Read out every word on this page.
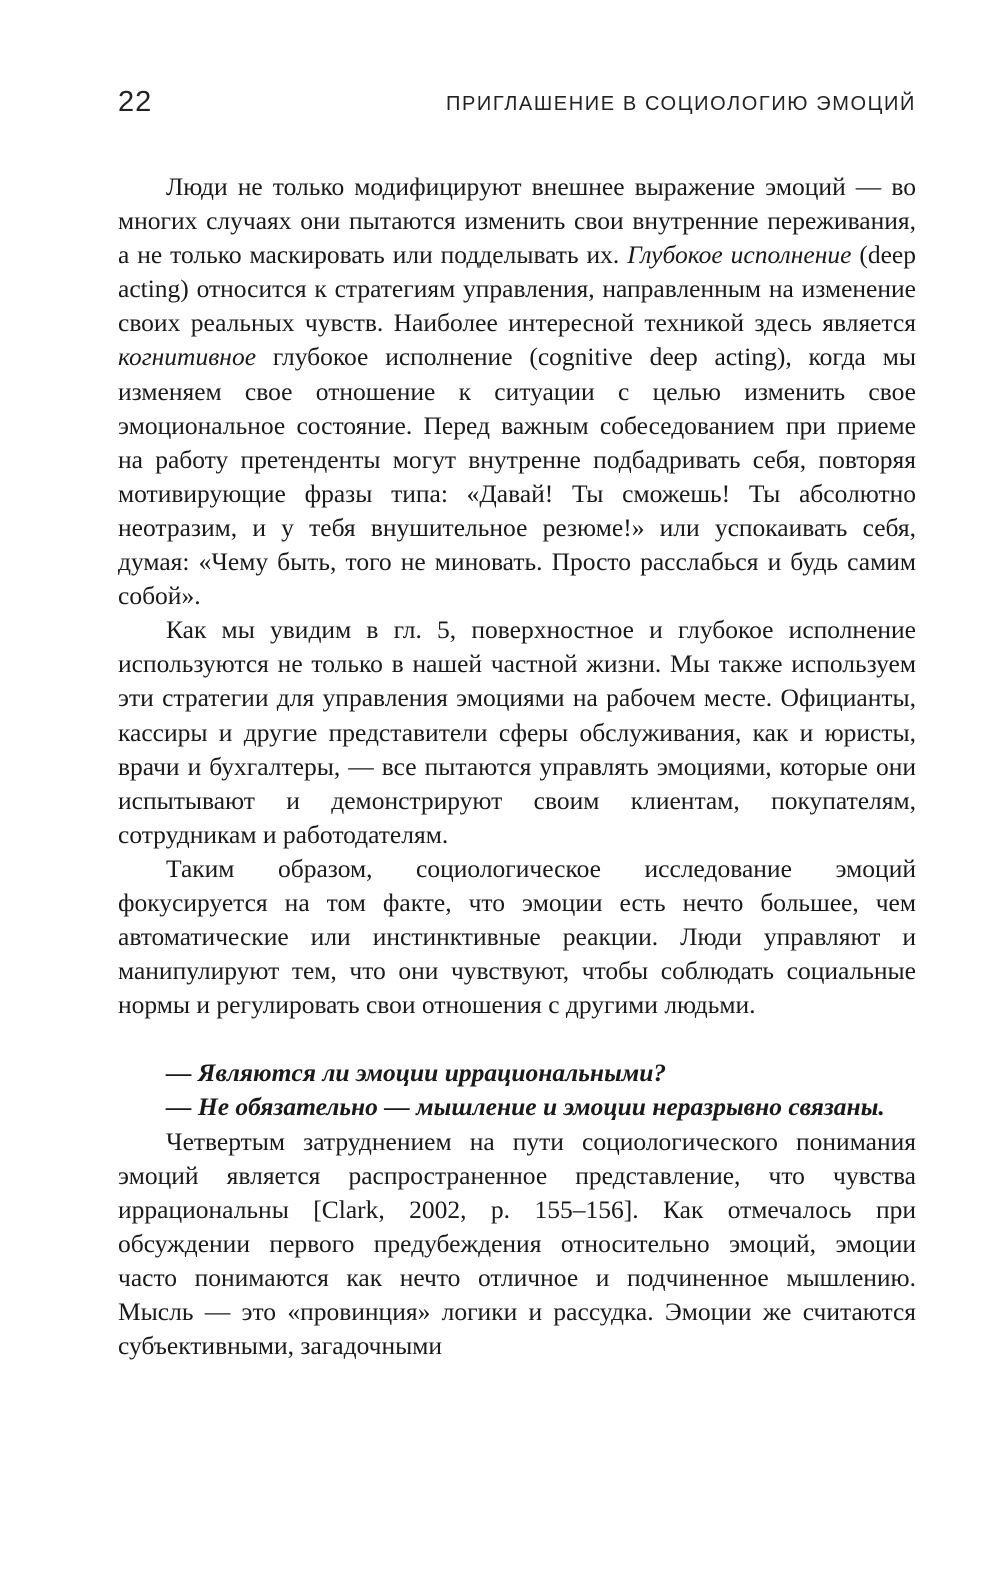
22	ПРИГЛАШЕНИЕ В СОЦИОЛОГИЮ ЭМОЦИЙ

Люди не только модифицируют внешнее выражение эмоций — во многих случаях они пытаются изменить свои внутренние переживания, а не только маскировать или подделывать их. Глубокое исполнение (deep acting) относится к стратегиям управления, направленным на изменение своих реальных чувств. Наиболее интересной техникой здесь является когнитивное глубокое исполнение (cognitive deep acting), когда мы изменяем свое отношение к ситуации с целью изменить свое эмоциональное состояние. Перед важным собеседованием при приеме на работу претенденты могут внутренне подбадривать себя, повторяя мотивирующие фразы типа: «Давай! Ты сможешь! Ты абсолютно неотразим, и у тебя внушительное резюме!» или успокаивать себя, думая: «Чему быть, того не миновать. Просто расслабься и будь самим собой».

Как мы увидим в гл. 5, поверхностное и глубокое исполнение используются не только в нашей частной жизни. Мы также используем эти стратегии для управления эмоциями на рабочем месте. Официанты, кассиры и другие представители сферы обслуживания, как и юристы, врачи и бухгалтеры, — все пытаются управлять эмоциями, которые они испытывают и демонстрируют своим клиентам, покупателям, сотрудникам и работодателям.

Таким образом, социологическое исследование эмоций фокусируется на том факте, что эмоции есть нечто большее, чем автоматические или инстинктивные реакции. Люди управляют и манипулируют тем, что они чувствуют, чтобы соблюдать социальные нормы и регулировать свои отношения с другими людьми.

— Являются ли эмоции иррациональными?

— Не обязательно — мышление и эмоции неразрывно связаны.

Четвертым затруднением на пути социологического понимания эмоций является распространенное представление, что чувства иррациональны [Clark, 2002, p. 155–156]. Как отмечалось при обсуждении первого предубеждения относительно эмоций, эмоции часто понимаются как нечто отличное и подчиненное мышлению. Мысль — это «провинция» логики и рассудка. Эмоции же считаются субъективными, загадочными
